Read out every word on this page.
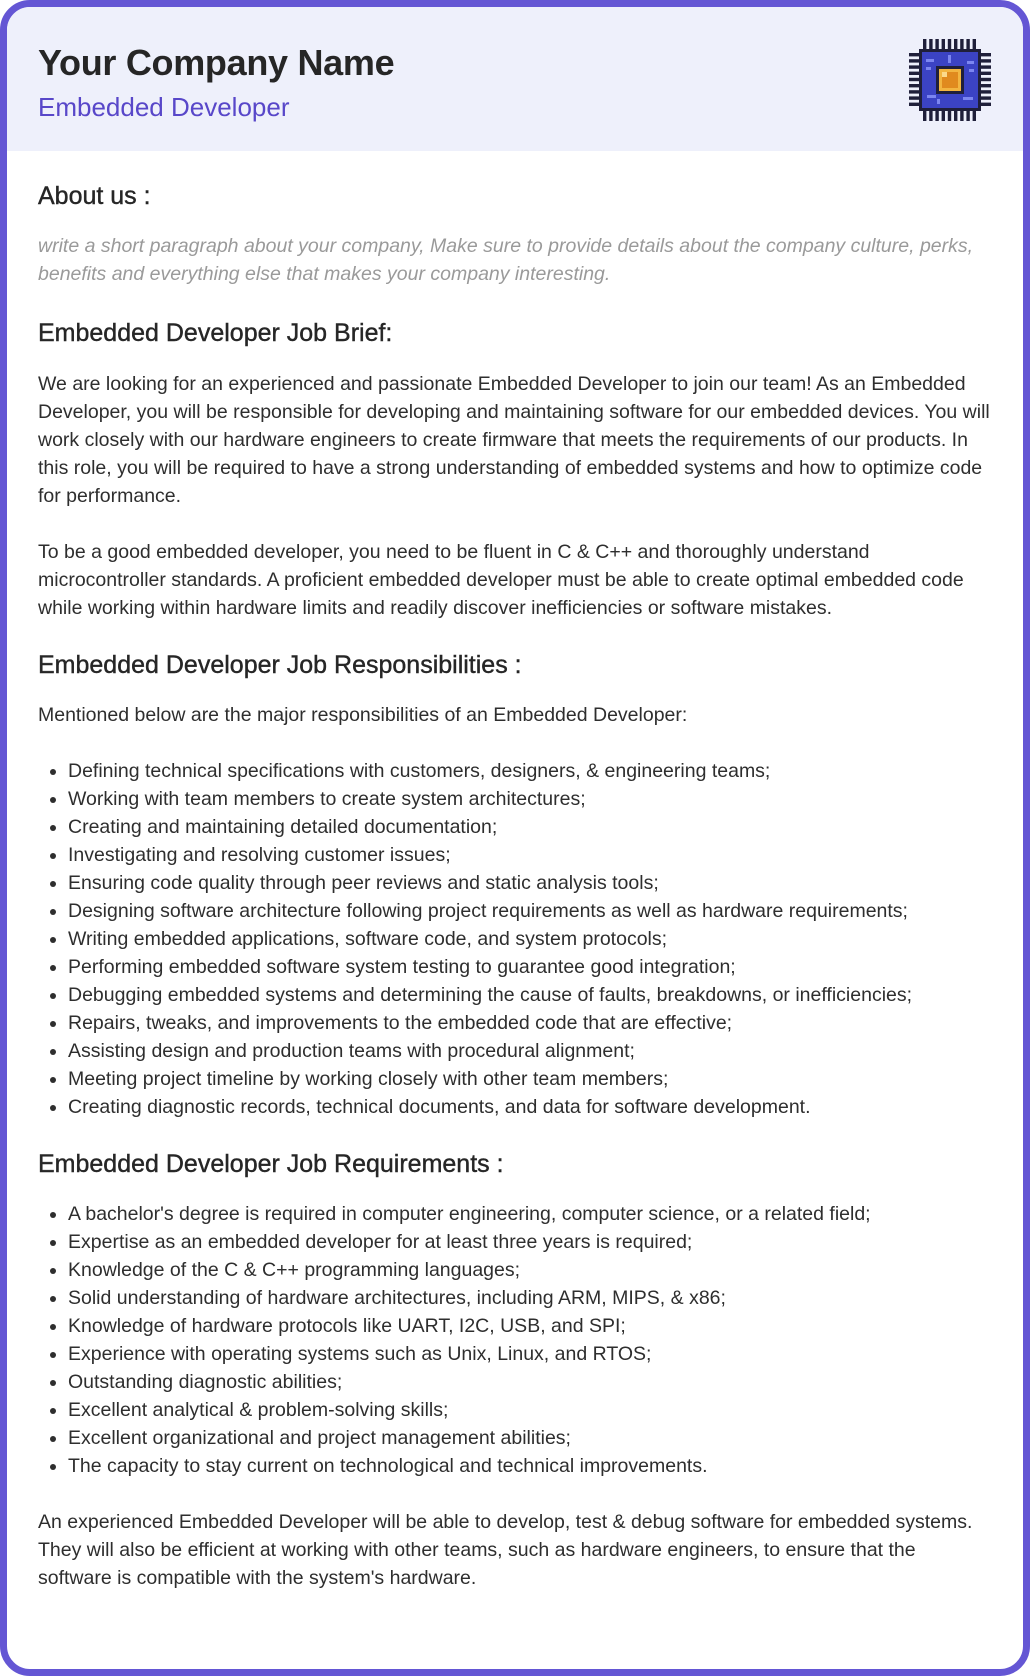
Your Company Name
Embedded Developer
About us :

write a short paragraph about your company, Make sure to provide details about the company culture, perks, benefits and everything else that makes your company interesting.

Embedded Developer Job Brief:

We are looking for an experienced and passionate Embedded Developer to join our team! As an Embedded Developer, you will be responsible for developing and maintaining software for our embedded devices. You will work closely with our hardware engineers to create firmware that meets the requirements of our products. In this role, you will be required to have a strong understanding of embedded systems and how to optimize code for performance.

To be a good embedded developer, you need to be fluent in C & C++ and thoroughly understand microcontroller standards. A proficient embedded developer must be able to create optimal embedded code while working within hardware limits and readily discover inefficiencies or software mistakes.

Embedded Developer Job Responsibilities :

Mentioned below are the major responsibilities of an Embedded Developer:

• Defining technical specifications with customers, designers, & engineering teams;
• Working with team members to create system architectures;
• Creating and maintaining detailed documentation;
• Investigating and resolving customer issues;
• Ensuring code quality through peer reviews and static analysis tools;
• Designing software architecture following project requirements as well as hardware requirements;
• Writing embedded applications, software code, and system protocols;
• Performing embedded software system testing to guarantee good integration;
• Debugging embedded systems and determining the cause of faults, breakdowns, or inefficiencies;
• Repairs, tweaks, and improvements to the embedded code that are effective;
• Assisting design and production teams with procedural alignment;
• Meeting project timeline by working closely with other team members;
• Creating diagnostic records, technical documents, and data for software development.
Embedded Developer Job Requirements :
• A bachelor's degree is required in computer engineering, computer science, or a related field;
• Expertise as an embedded developer for at least three years is required;
• Knowledge of the C & C++ programming languages;
• Solid understanding of hardware architectures, including ARM, MIPS, & x86;
• Knowledge of hardware protocols like UART, I2C, USB, and SPI;
• Experience with operating systems such as Unix, Linux, and RTOS;
• Outstanding diagnostic abilities;
• Excellent analytical & problem-solving skills;
• Excellent organizational and project management abilities;
• The capacity to stay current on technological and technical improvements.

An experienced Embedded Developer will be able to develop, test & debug software for embedded systems. They will also be efficient at working with other teams, such as hardware engineers, to ensure that the software is compatible with the system's hardware.
